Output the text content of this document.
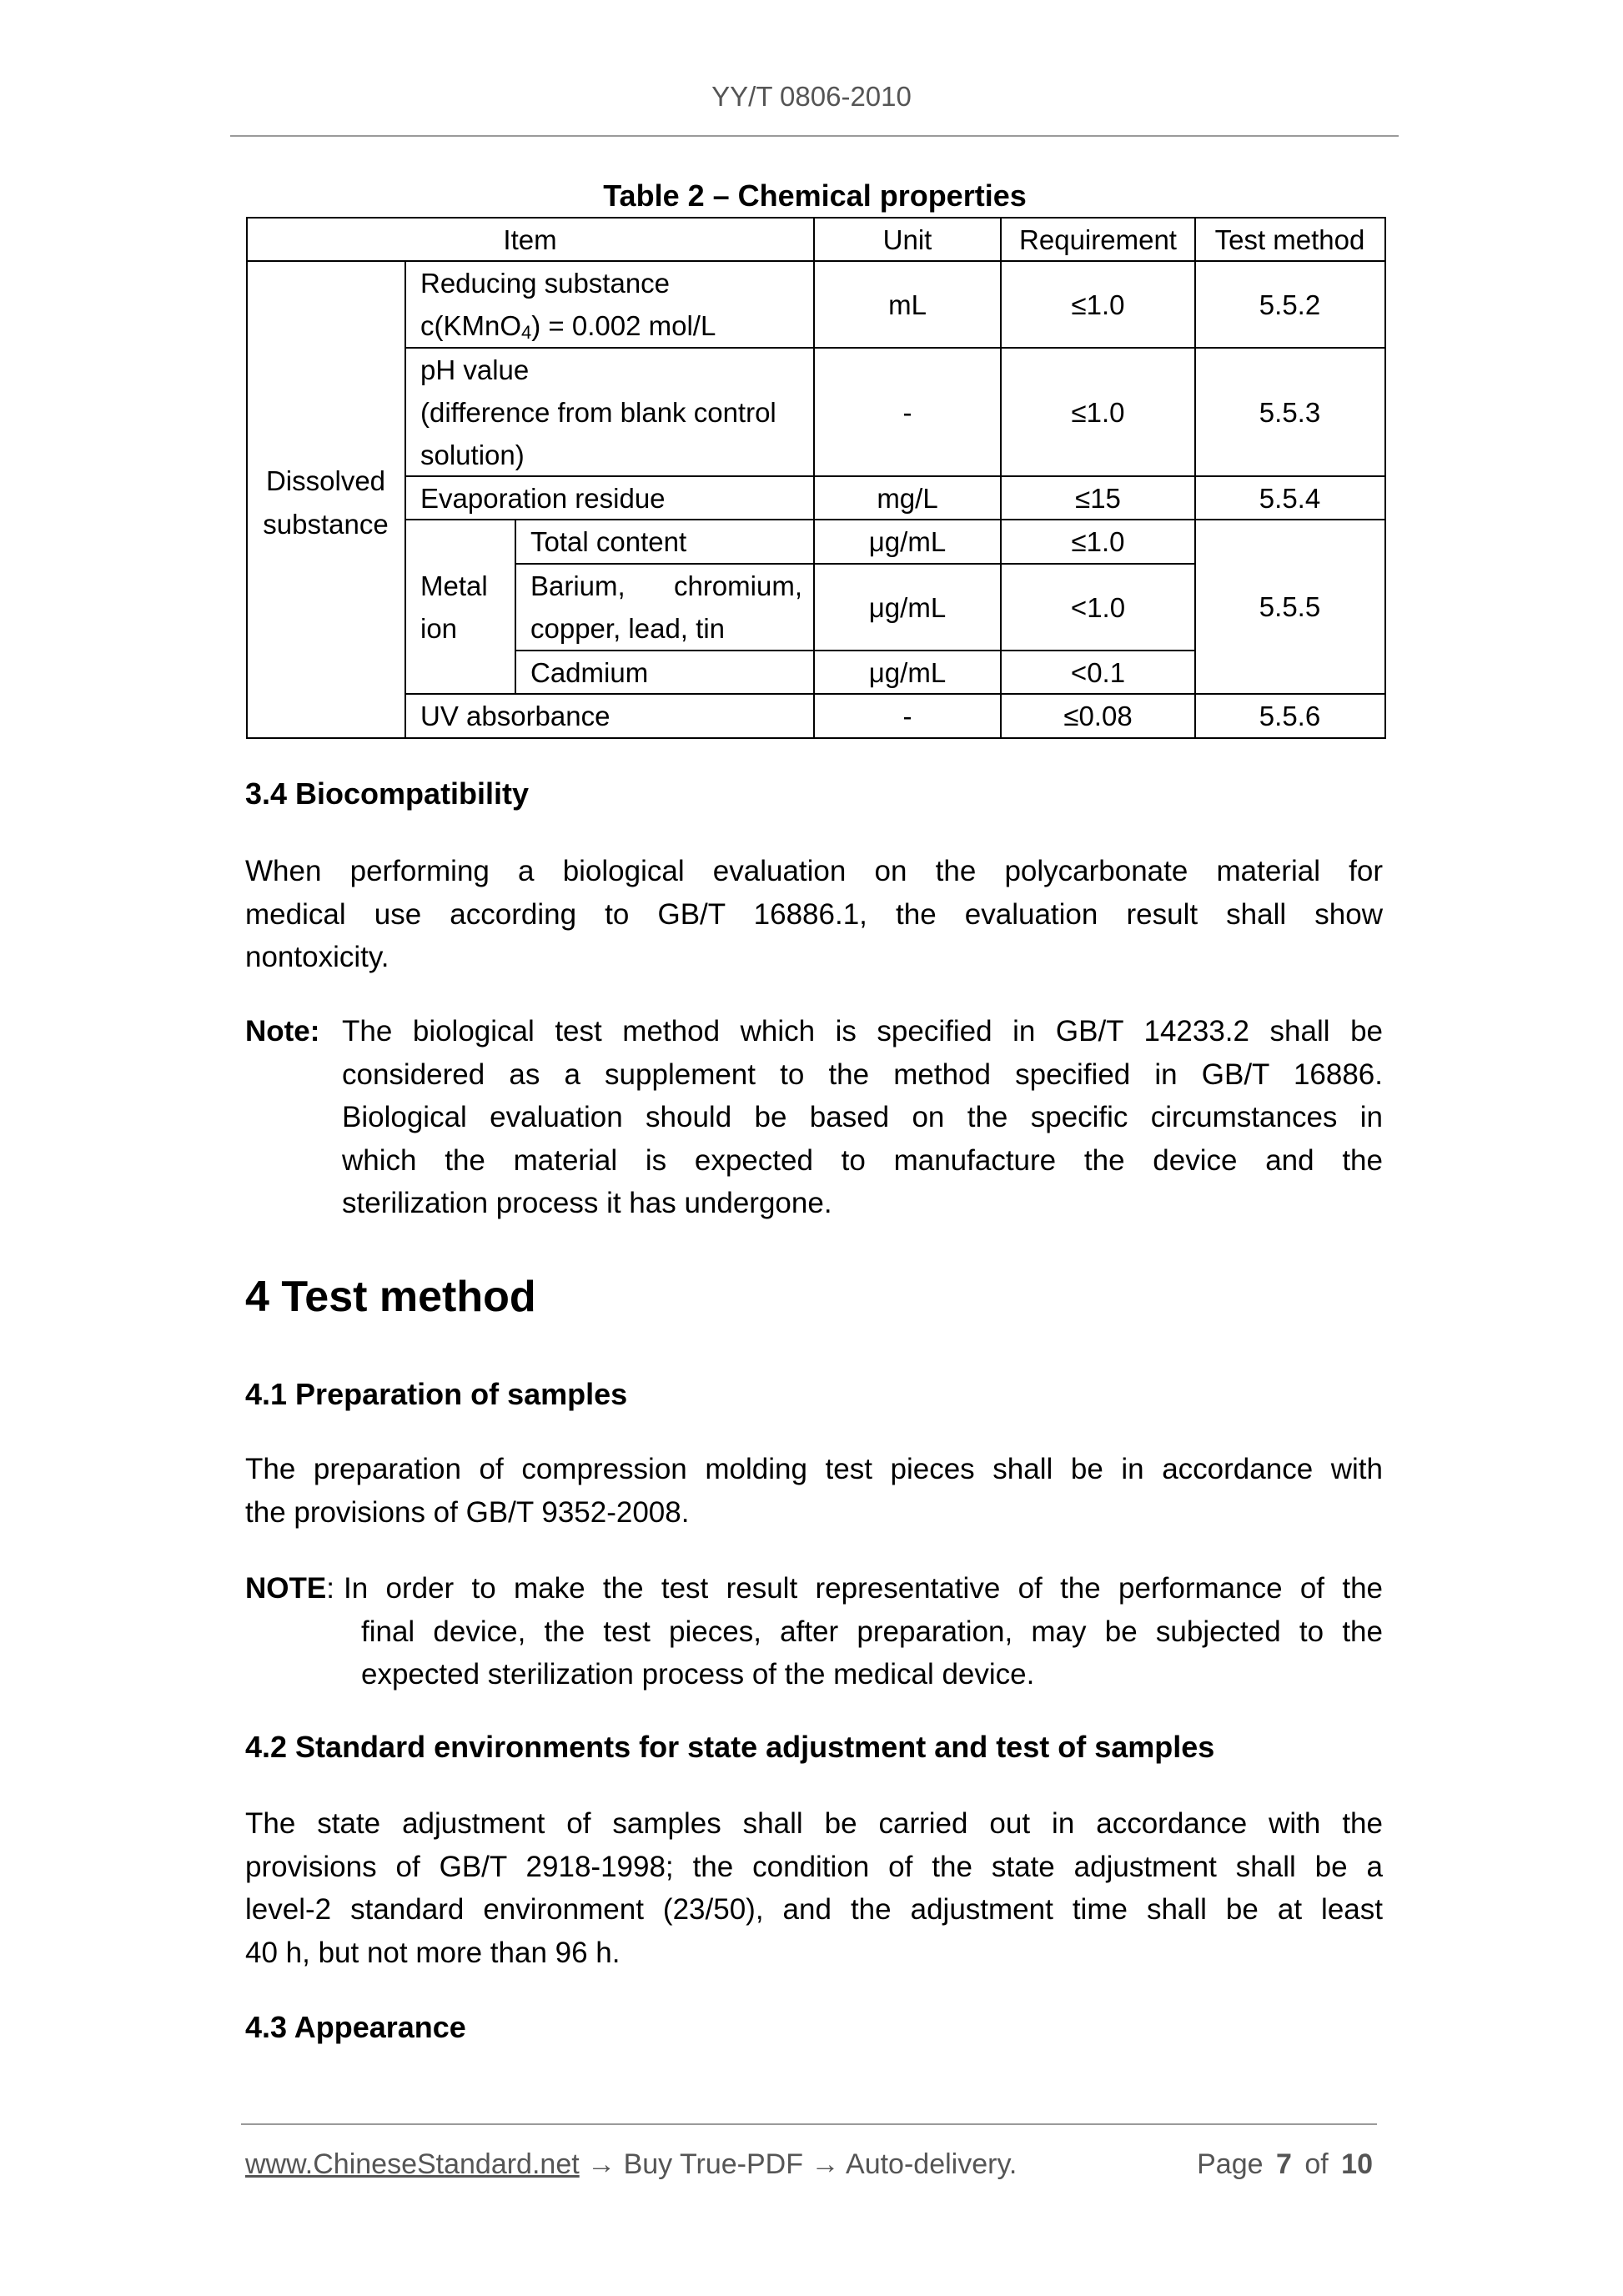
YY/T 0806-2010
Table 2 – Chemical properties
Item	Unit	Requirement	Test method
Dissolved
substance
Reducing substance
c(KMnO$_4$) = 0.002 mol/L
mL	≤1.0	5.5.2
pH value
(difference from blank control
solution)
-	≤1.0	5.5.3
Evaporation residue	mg/L	≤15	5.5.4
Metal
ion
Total content	μg/mL	≤1.0
Barium, chromium,
copper, lead, tin
μg/mL	<1.0
Cadmium	μg/mL	<0.1
5.5.5
UV absorbance	-	≤0.08	5.5.6
3.4 Biocompatibility
When performing a biological evaluation on the polycarbonate material for
medical use according to GB/T 16886.1, the evaluation result shall show
nontoxicity.
Note: The biological test method which is specified in GB/T 14233.2 shall be
considered as a supplement to the method specified in GB/T 16886.
Biological evaluation should be based on the specific circumstances in
which the material is expected to manufacture the device and the
sterilization process it has undergone.
4 Test method
4.1 Preparation of samples
The preparation of compression molding test pieces shall be in accordance with
the provisions of GB/T 9352-2008.
NOTE: In order to make the test result representative of the performance of the
final device, the test pieces, after preparation, may be subjected to the
expected sterilization process of the medical device.
4.2 Standard environments for state adjustment and test of samples
The state adjustment of samples shall be carried out in accordance with the
provisions of GB/T 2918-1998; the condition of the state adjustment shall be a
level-2 standard environment (23/50), and the adjustment time shall be at least
40 h, but not more than 96 h.
4.3 Appearance
www.ChineseStandard.net → Buy True-PDF → Auto-delivery.	Page 7 of 10
